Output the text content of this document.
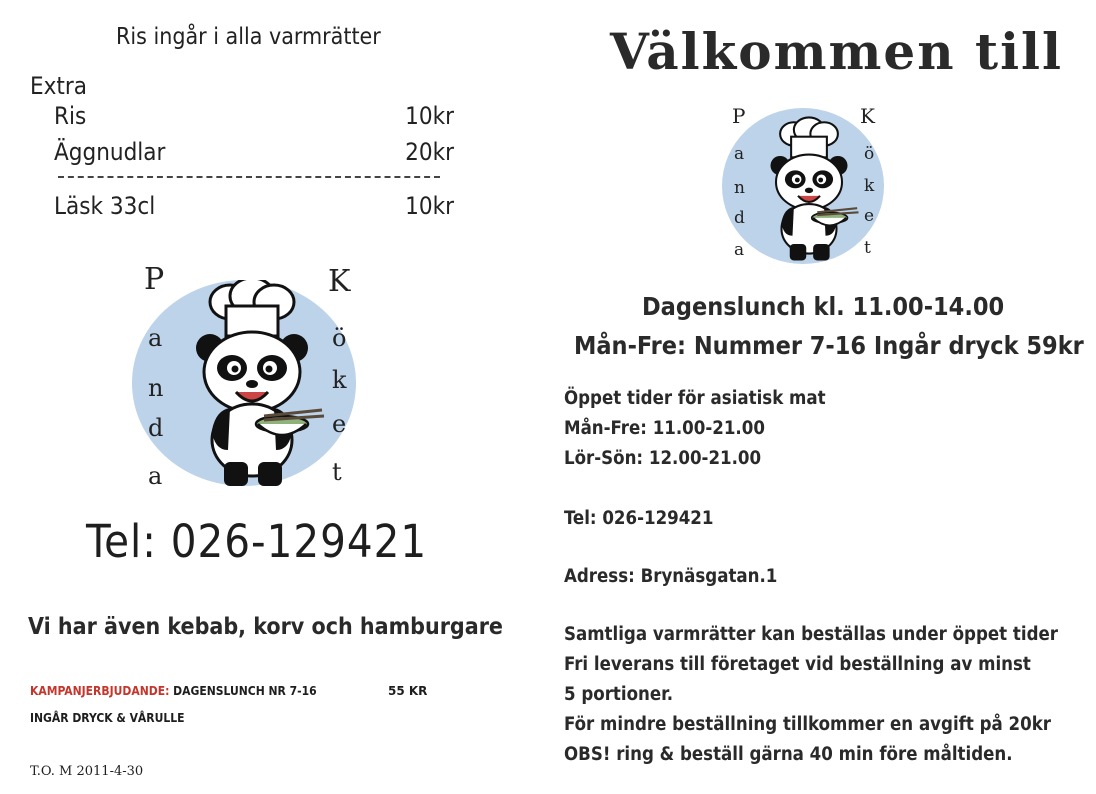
Ris ingår i alla varmrätter
Extra
Ris	10kr
Äggnudlar	20kr
Läsk 33cl	10kr
P
a
n
d
a
K
ö
k
e
t
Tel: 026-129421
Vi har även kebab, korv och hamburgare
KAMPANJERBJUDANDE: DAGENSLUNCH NR 7-16	55 KR
INGÅR DRYCK & VÅRULLE
T.O. M 2011-4-30
Välkommen till
P
a
n
d
a
K
ö
k
e
t
Dagenslunch kl. 11.00-14.00
Mån-Fre: Nummer 7-16 Ingår dryck 59kr
Öppet tider för asiatisk mat
Mån-Fre: 11.00-21.00
Lör-Sön: 12.00-21.00
Tel: 026-129421
Adress: Brynäsgatan.1
Samtliga varmrätter kan beställas under öppet tider
Fri leverans till företaget vid beställning av minst
5 portioner.
För mindre beställning tillkommer en avgift på 20kr
OBS! ring & beställ gärna 40 min före måltiden.
